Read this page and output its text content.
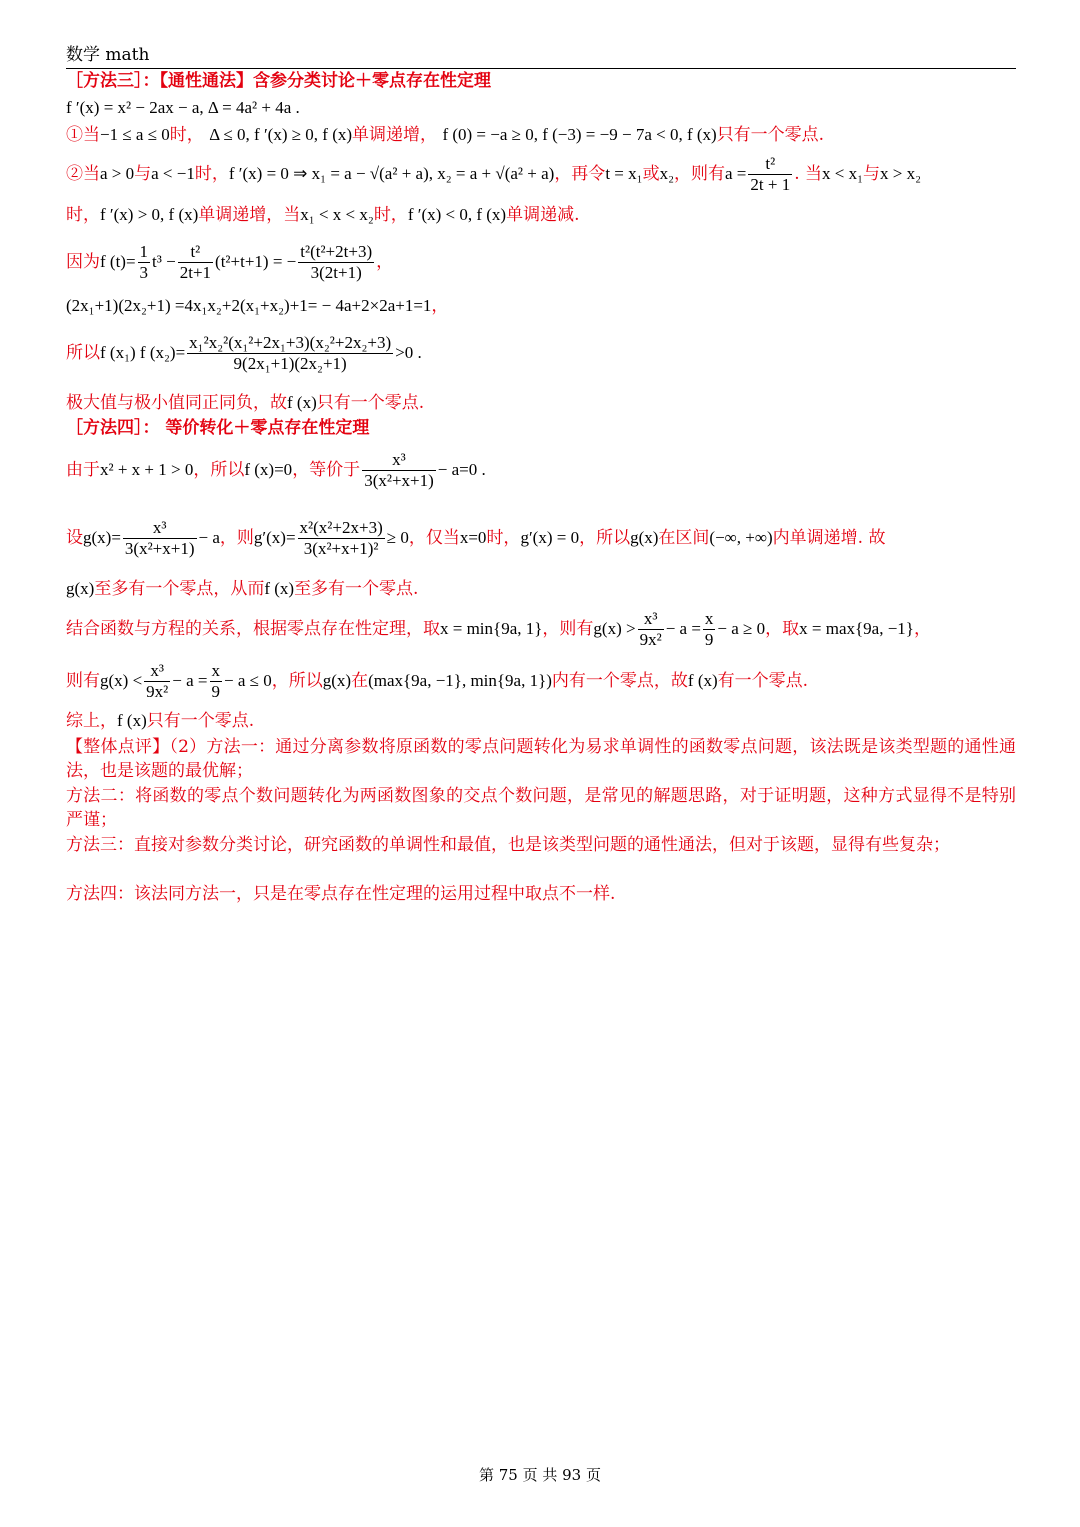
数学 math
［方法三］：【通性通法】含参分类讨论＋零点存在性定理
f ′(x) = x² − 2ax − a, Δ = 4a² + 4a .
①当−1 ≤ a ≤ 0时， Δ ≤ 0, f ′(x) ≥ 0, f (x)单调递增， f (0) = −a ≥ 0, f (−3) = −9 − 7a < 0, f (x)只有一个零点.
②当a > 0与a < −1时，f ′(x) = 0 ⇒ x₁ = a − √(a² + a), x₂ = a + √(a² + a)，再令t = x₁或x₂，则有$a = \frac{\text{t²}}{2t + 1}$ . 当x < x₁与x > x₂
时，f ′(x) > 0, f (x)单调递增，当x₁ < x < x₂时，f ′(x) < 0, f (x)单调递减.
因为f $(t)= \frac{1}{3} t^3 - \frac{\text{t²}}{2t+1} (t^2+t+1)$ = − $\frac{\text{t²(t²+2t+3)}}{3(2t+1)}$ ，
(2x₁+1)(2x₂+1) =4x₁x₂+2(x₁+x₂)+1= − 4a+2×2a+1=1，
所以f (x₁) f $(x_2)= \frac{\text{x₁²x₂²(x₁²+2x₁+3)(x₂²+2x₂+3)}}{\text{9(2x₁+1)(2x₂+1)}} >0$ .
极大值与极小值同正同负，故f (x)只有一个零点.
［方法四］： 等价转化＋零点存在性定理
由于x² + x + 1 > 0，所以f (x)=0，等价于 $\frac{\text{x³}}{\text{3(x²+x+1)}} - a=0$ .
设$g(x)= \frac{\text{x³}}{\text{3(x²+x+1)}} - a$，则$g'(x)= \frac{\text{x²(x²+2x+3)}}{\text{3(x²+x+1)²}} \ge 0$，仅当x=0时，g′(x) = 0，所以g(x)在区间(−∞, +∞)内单调递增. 故
g(x)至多有一个零点，从而f (x)至多有一个零点.
结合函数与方程的关系，根据零点存在性定理，取x = min{9a, 1}，则有$g(x) > \frac{\text{x³}}{\text{9x²}} - a = \frac{x}{9} - a \ge 0$，取x = max{9a, −1}，
则有$g(x) < \frac{\text{x³}}{\text{9x²}} - a = \frac{x}{9} - a \le 0$，所以g(x)在(max{9a, −1}, min{9a, 1})内有一个零点，故f (x)有一个零点.
综上，f (x)只有一个零点.
【整体点评】（2）方法一：通过分离参数将原函数的零点问题转化为易求单调性的函数零点问题，该法既是该类型题的通性通法，也是该题的最优解；
方法二：将函数的零点个数问题转化为两函数图象的交点个数问题，是常见的解题思路，对于证明题，这种方式显得不是特别严谨；
方法三：直接对参数分类讨论，研究函数的单调性和最值，也是该类型问题的通性通法，但对于该题，显得有些复杂；
方法四：该法同方法一，只是在零点存在性定理的运用过程中取点不一样.
第 75 页 共 93 页
